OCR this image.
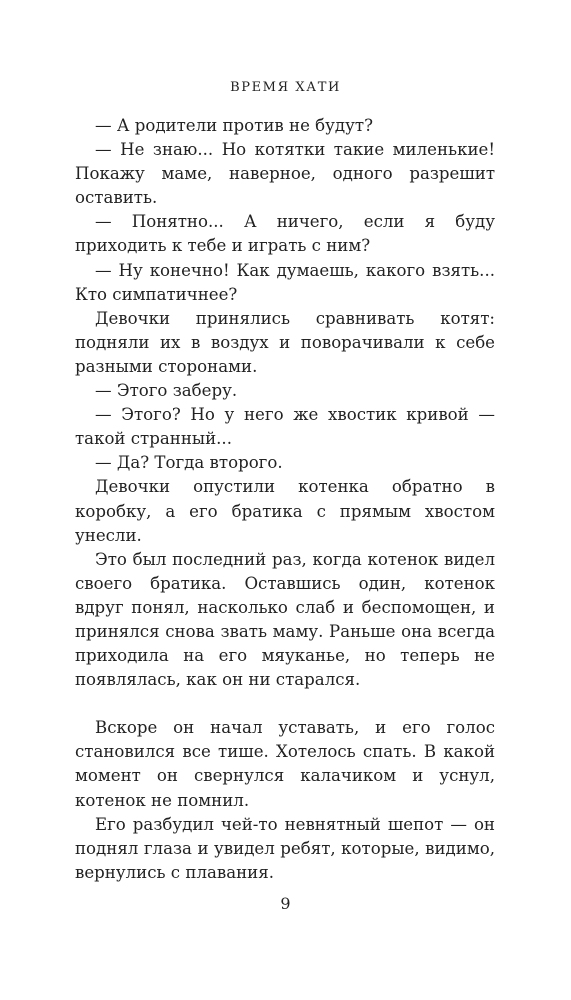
ВРЕМЯ ХАТИ

— А родители против не будут?

— Не знаю... Но котятки такие миленькие! Покажу маме, наверное, одного разрешит оставить.

— Понятно... А ничего, если я буду приходить к тебе и играть с ним?

— Ну конечно! Как думаешь, какого взять... Кто симпатичнее?

Девочки принялись сравнивать котят: подняли их в воздух и поворачивали к себе разными сторонами.

— Этого заберу.

— Этого? Но у него же хвостик кривой — такой странный...

— Да? Тогда второго.

Девочки опустили котенка обратно в коробку, а его братика с прямым хвостом унесли.

Это был последний раз, когда котенок видел своего братика. Оставшись один, котенок вдруг понял, насколько слаб и беспомощен, и принялся снова звать маму. Раньше она всегда приходила на его мяуканье, но теперь не появлялась, как он ни старался.

Вскоре он начал уставать, и его голос становился все тише. Хотелось спать. В какой момент он свернулся калачиком и уснул, котенок не помнил.

Его разбудил чей-то невнятный шепот — он поднял глаза и увидел ребят, которые, видимо, вернулись с плавания.

9
